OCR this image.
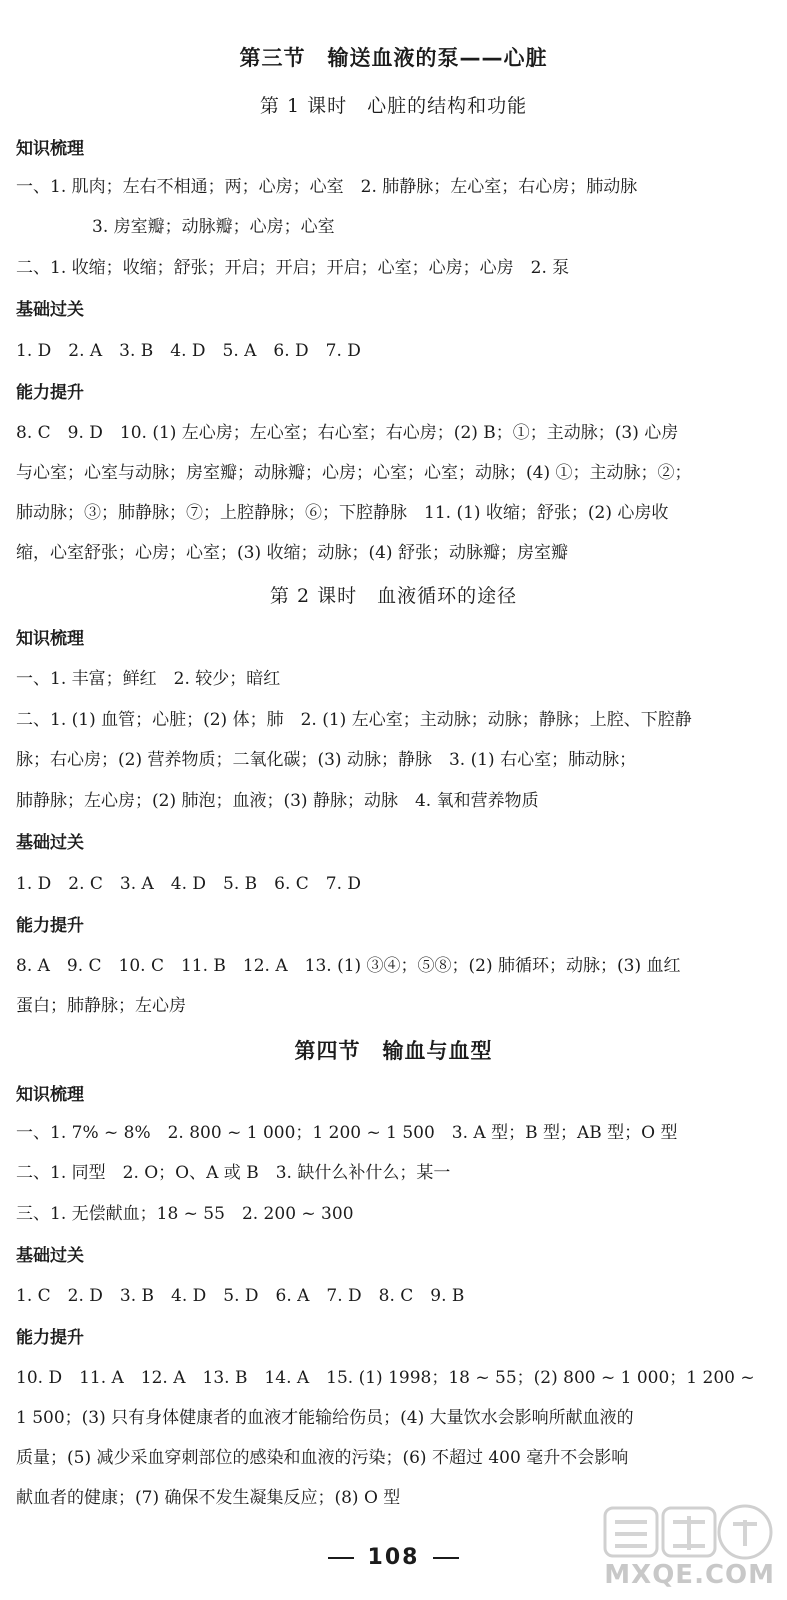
第三节　输送血液的泵——心脏
第 1 课时　心脏的结构和功能
知识梳理
一、1. 肌肉；左右不相通；两；心房；心室　2. 肺静脉；左心室；右心房；肺动脉
3. 房室瓣；动脉瓣；心房；心室
二、1. 收缩；收缩；舒张；开启；开启；开启；心室；心房；心房　2. 泵
基础过关
1. D　2. A　3. B　4. D　5. A　6. D　7. D
能力提升
8. C　9. D　10. (1) 左心房；左心室；右心室；右心房；(2) B；①；主动脉；(3) 心房
与心室；心室与动脉；房室瓣；动脉瓣；心房；心室；心室；动脉；(4) ①；主动脉；②；
肺动脉；③；肺静脉；⑦；上腔静脉；⑥；下腔静脉　11. (1) 收缩；舒张；(2) 心房收
缩，心室舒张；心房；心室；(3) 收缩；动脉；(4) 舒张；动脉瓣；房室瓣
第 2 课时　血液循环的途径
知识梳理
一、1. 丰富；鲜红　2. 较少；暗红
二、1. (1) 血管；心脏；(2) 体；肺　2. (1) 左心室；主动脉；动脉；静脉；上腔、下腔静
脉；右心房；(2) 营养物质；二氧化碳；(3) 动脉；静脉　3. (1) 右心室；肺动脉；
肺静脉；左心房；(2) 肺泡；血液；(3) 静脉；动脉　4. 氧和营养物质
基础过关
1. D　2. C　3. A　4. D　5. B　6. C　7. D
能力提升
8. A　9. C　10. C　11. B　12. A　13. (1) ③④；⑤⑧；(2) 肺循环；动脉；(3) 血红
蛋白；肺静脉；左心房
第四节　输血与血型
知识梳理
一、1. 7% ~ 8%　2. 800 ~ 1 000；1 200 ~ 1 500　3. A 型；B 型；AB 型；O 型
二、1. 同型　2. O；O、A 或 B　3. 缺什么补什么；某一
三、1. 无偿献血；18 ~ 55　2. 200 ~ 300
基础过关
1. C　2. D　3. B　4. D　5. D　6. A　7. D　8. C　9. B
能力提升
10. D　11. A　12. A　13. B　14. A　15. (1) 1998；18 ~ 55；(2) 800 ~ 1 000；1 200 ~
1 500；(3) 只有身体健康者的血液才能输给伤员；(4) 大量饮水会影响所献血液的
质量；(5) 减少采血穿刺部位的感染和血液的污染；(6) 不超过 400 毫升不会影响
献血者的健康；(7) 确保不发生凝集反应；(8) O 型
108
MXQE.COM
